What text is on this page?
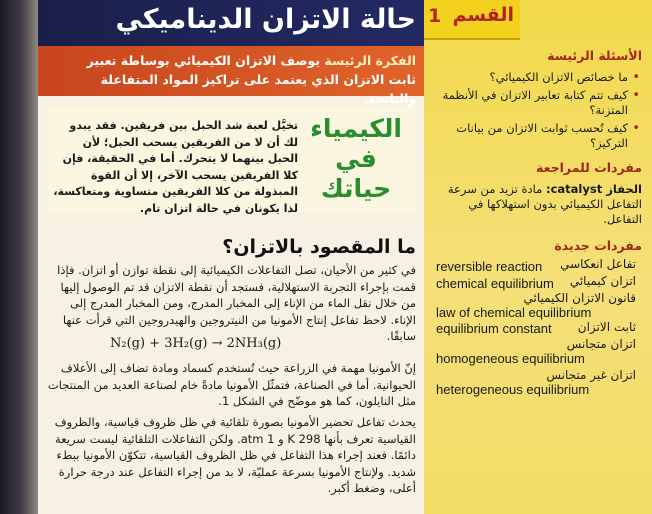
حالة الاتزان الديناميكي
الفكرة الرئيسة يوصف الاتزان الكيميائي بوساطة تعبير ثابت الاتزان الذي يعتمد على تراكيز المواد المتفاعلة والناتجة.
القسم
1
الأسئلة الرئيسة
• ما خصائص الاتزان الكيميائي؟
• كيف تتم كتابة تعابير الاتزان في الأنظمة المتزنة؟
• كيف تُحسب ثوابت الاتزان من بيانات التركيز؟
مفردات للمراجعة
الحفاز catalyst: مادة تزيد من سرعة التفاعل الكيميائي بدون استهلاكها في التفاعل.
مفردات جديدة
تفاعل انعكاسي
reversible reaction
اتزان كيميائي
chemical equilibrium
قانون الاتزان الكيميائي
law of chemical equilibrium
ثابت الاتزان
equilibrium constant
اتزان متجانس
homogeneous equilibrium
اتزان غير متجانس
heterogeneous equilibrium
الكيمياء
في
حياتك
تخيَّل لعبة شد الحبل بين فريقين. فقد يبدو لك أن لا من الفريقين يسحب الحبل؛ لأن الحبل بينهما لا يتحرك. أما في الحقيقة، فإن كلا الفريقين يسحب الآخر، إلا أن القوة المبذولة من كلا الفريقين متساوية ومتعاكسة، لذا يكونان في حالة اتزان تام.
ما المقصود بالاتزان؟
في كثير من الأحيان، تصل التفاعلات الكيميائية إلى نقطة توازن أو اتزان. فإذا قمت بإجراء التجربة الاستهلالية، فستجد أن نقطة الاتزان قد تم الوصول إليها من خلال نقل الماء من الإناء إلى المخبار المدرج، ومن المخبار المدرج إلى الإناء. لاحظ تفاعل إنتاج الأمونيا من النيتروجين والهيدروجين التي قرأت عنها سابقًا.
N₂(g) + 3H₂(g) → 2NH₃(g)
إنّ الأمونيا مهمة في الزراعة حيث تُستخدم كسماد ومادة تضاف إلى الأعلاف الحيوانية. أما في الصناعة، فتمثّل الأمونيا مادةً خام لصناعة العديد من المنتجات مثل النايلون، كما هو موضّح في الشكل 1.
يحدث تفاعل تحضير الأمونيا بصورة تلقائية في ظل ظروف قياسية، والظروف القياسية تعرف بأنها 298 K و 1 atm. ولكن التفاعلات التلقائية ليست سريعة دائمًا. فعند إجراء هذا التفاعل في ظل الظروف القياسية، تتكوّن الأمونيا ببطء شديد. ولإنتاج الأمونيا بسرعة عمليّة، لا بد من إجراء التفاعل عند درجة حرارة أعلى، وضغط أكبر.
